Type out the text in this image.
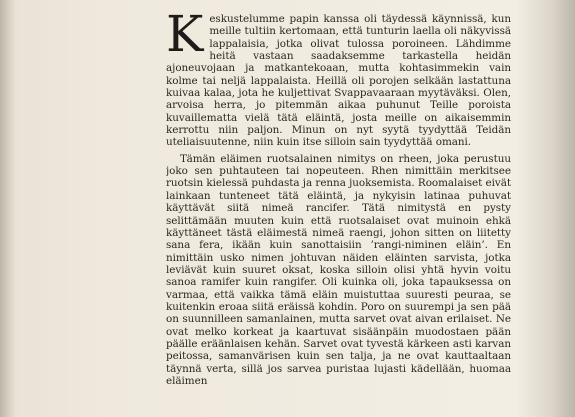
K eskustelumme papin kanssa oli täydessä käynnissä, kun meille tultiin kertomaan, että tunturin laella oli näkyvissä lappalaisia, jotka olivat tulossa poroineen. Lähdimme heitä vastaan saadaksemme tarkastella heidän ajoneuvojaan ja matkantekoaan, mutta kohtasimmekin vain kolme tai neljä lappalaista. Heillä oli porojen selkään lastattuna kuivaa kalaa, jota he kuljettivat Svappavaaraan myytäväksi. Olen, arvoisa herra, jo pitemmän aikaa puhunut Teille poroista kuvaillematta vielä tätä eläintä, josta meille on aikaisemmin kerrottu niin paljon. Minun on nyt syytä tyydyttää Teidän uteliaisuutenne, niin kuin itse silloin sain tyydyttää omani.
Tämän eläimen ruotsalainen nimitys on rheen, joka perustuu joko sen puhtauteen tai nopeuteen. Rhen nimittäin merkitsee ruotsin kielessä puhdasta ja renna juoksemista. Roomalaiset eivät lainkaan tunteneet tätä eläintä, ja nykyisin latinaa puhuvat käyttävät siitä nimeä rancifer. Tätä nimitystä en pysty selittämään muuten kuin että ruotsalaiset ovat muinoin ehkä käyttäneet tästä eläimestä nimeä raengi, johon sitten on liitetty sana fera, ikään kuin sanottaisiin ’rangi-niminen eläin’. En nimittäin usko nimen johtuvan näiden eläinten sarvista, jotka leviävät kuin suuret oksat, koska silloin olisi yhtä hyvin voitu sanoa ramifer kuin rangifer. Oli kuinka oli, joka tapauksessa on varmaa, että vaikka tämä eläin muistuttaa suuresti peuraa, se kuitenkin eroaa siitä eräissä kohdin. Poro on suurempi ja sen pää on suunnilleen samanlainen, mutta sarvet ovat aivan erilaiset. Ne ovat melko korkeat ja kaartuvat sisäänpäin muodostaen pään päälle eräänlaisen kehän. Sarvet ovat tyvestä kärkeen asti karvan peitossa, samanvärisen kuin sen talja, ja ne ovat kauttaaltaan täynnä verta, sillä jos sarvea puristaa lujasti kädellään, huomaa eläimen
